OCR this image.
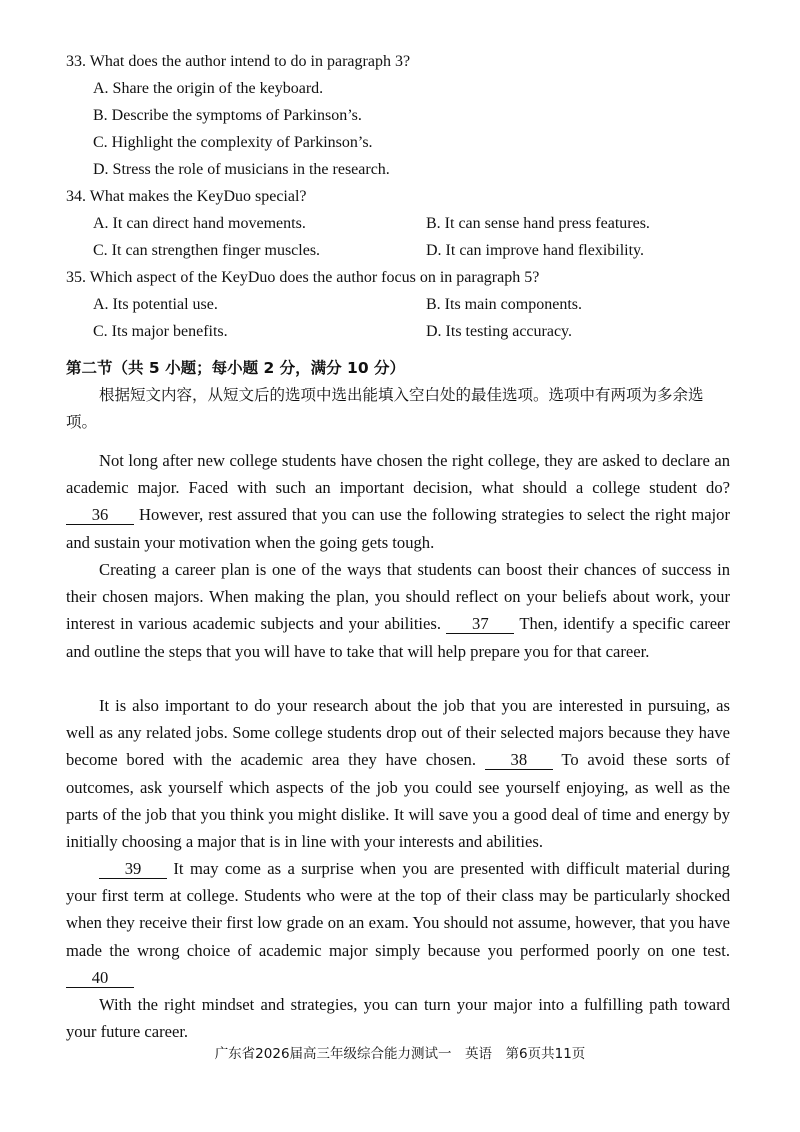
33. What does the author intend to do in paragraph 3?
A. Share the origin of the keyboard.
B. Describe the symptoms of Parkinson’s.
C. Highlight the complexity of Parkinson’s.
D. Stress the role of musicians in the research.
34. What makes the KeyDuo special?
A. It can direct hand movements.	B. It can sense hand press features.
C. It can strengthen finger muscles.	D. It can improve hand flexibility.
35. Which aspect of the KeyDuo does the author focus on in paragraph 5?
A. Its potential use.	B. Its main components.
C. Its major benefits.	D. Its testing accuracy.
第二节（共 5 小题；每小题 2 分，满分 10 分）
根据短文内容，从短文后的选项中选出能填入空白处的最佳选项。选项中有两项为多余选项。
Not long after new college students have chosen the right college, they are asked to declare an academic major. Faced with such an important decision, what should a college student do? 36 However, rest assured that you can use the following strategies to select the right major and sustain your motivation when the going gets tough.
Creating a career plan is one of the ways that students can boost their chances of success in their chosen majors. When making the plan, you should reflect on your beliefs about work, your interest in various academic subjects and your abilities. 37 Then, identify a specific career and outline the steps that you will have to take that will help prepare you for that career.
It is also important to do your research about the job that you are interested in pursuing, as well as any related jobs. Some college students drop out of their selected majors because they have become bored with the academic area they have chosen. 38 To avoid these sorts of outcomes, ask yourself which aspects of the job you could see yourself enjoying, as well as the parts of the job that you think you might dislike. It will save you a good deal of time and energy by initially choosing a major that is in line with your interests and abilities.
39 It may come as a surprise when you are presented with difficult material during your first term at college. Students who were at the top of their class may be particularly shocked when they receive their first low grade on an exam. You should not assume, however, that you have made the wrong choice of academic major simply because you performed poorly on one test. 40
With the right mindset and strategies, you can turn your major into a fulfilling path toward your future career.
广东省2026届高三年级综合能力测试一　英语　第6页共11页
